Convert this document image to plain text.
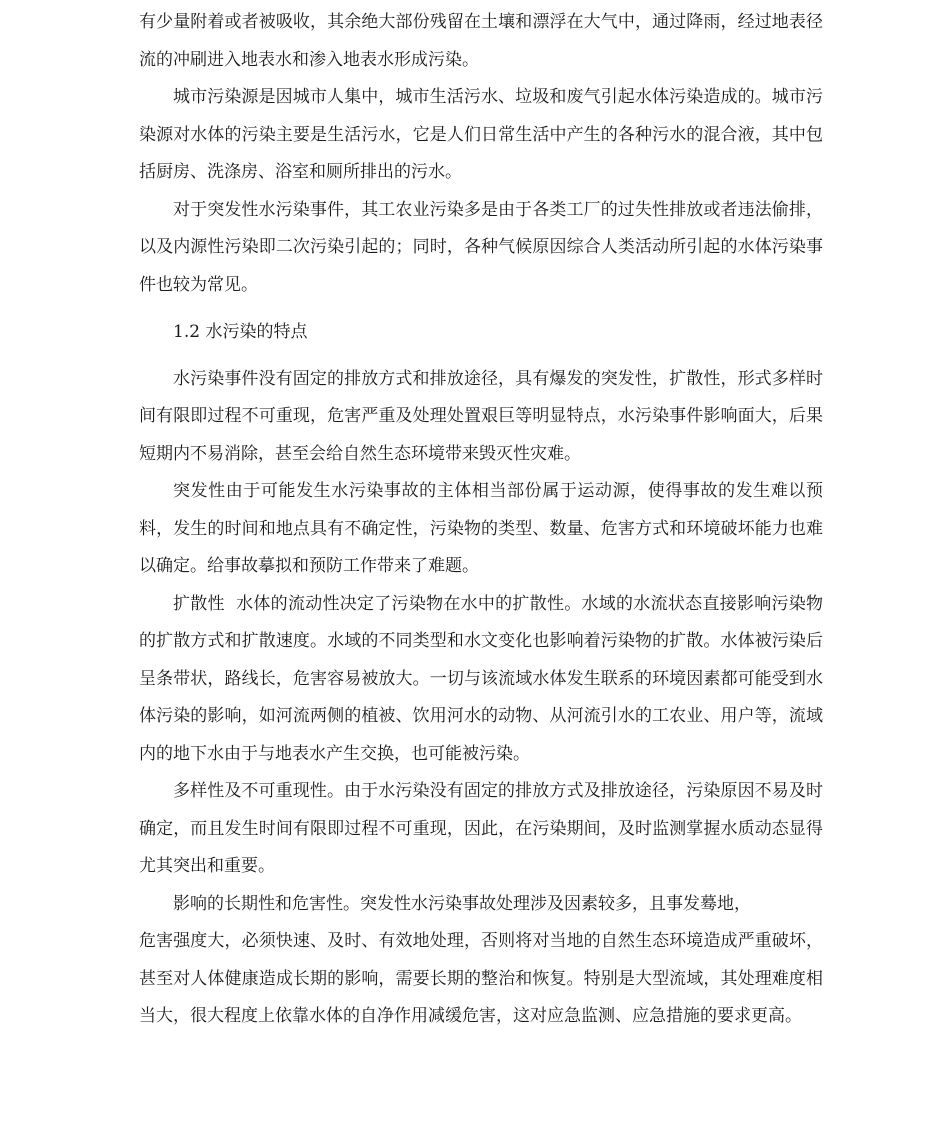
有少量附着或者被吸收，其余绝大部份残留在土壤和漂浮在大气中，通过降雨，经过地表径流的冲刷进入地表水和渗入地表水形成污染。

城市污染源是因城市人集中，城市生活污水、垃圾和废气引起水体污染造成的。城市污染源对水体的污染主要是生活污水，它是人们日常生活中产生的各种污水的混合液，其中包括厨房、洗涤房、浴室和厕所排出的污水。

对于突发性水污染事件，其工农业污染多是由于各类工厂的过失性排放或者违法偷排，以及内源性污染即二次污染引起的；同时，各种气候原因综合人类活动所引起的水体污染事件也较为常见。

1.2 水污染的特点

水污染事件没有固定的排放方式和排放途径，具有爆发的突发性，扩散性，形式多样时间有限即过程不可重现，危害严重及处理处置艰巨等明显特点，水污染事件影响面大，后果短期内不易消除，甚至会给自然生态环境带来毁灭性灾难。

突发性由于可能发生水污染事故的主体相当部份属于运动源，使得事故的发生难以预料，发生的时间和地点具有不确定性，污染物的类型、数量、危害方式和环境破坏能力也难以确定。给事故摹拟和预防工作带来了难题。

扩散性  水体的流动性决定了污染物在水中的扩散性。水域的水流状态直接影响污染物的扩散方式和扩散速度。水域的不同类型和水文变化也影响着污染物的扩散。水体被污染后呈条带状，路线长，危害容易被放大。一切与该流域水体发生联系的环境因素都可能受到水体污染的影响，如河流两侧的植被、饮用河水的动物、从河流引水的工农业、用户等，流域内的地下水由于与地表水产生交换，也可能被污染。

多样性及不可重现性。由于水污染没有固定的排放方式及排放途径，污染原因不易及时确定，而且发生时间有限即过程不可重现，因此，在污染期间，及时监测掌握水质动态显得尤其突出和重要。

影响的长期性和危害性。突发性水污染事故处理涉及因素较多，且事发蓦地，

危害强度大，必须快速、及时、有效地处理，否则将对当地的自然生态环境造成严重破坏，甚至对人体健康造成长期的影响，需要长期的整治和恢复。特别是大型流域，其处理难度相当大，很大程度上依靠水体的自净作用减缓危害，这对应急监测、应急措施的要求更高。
